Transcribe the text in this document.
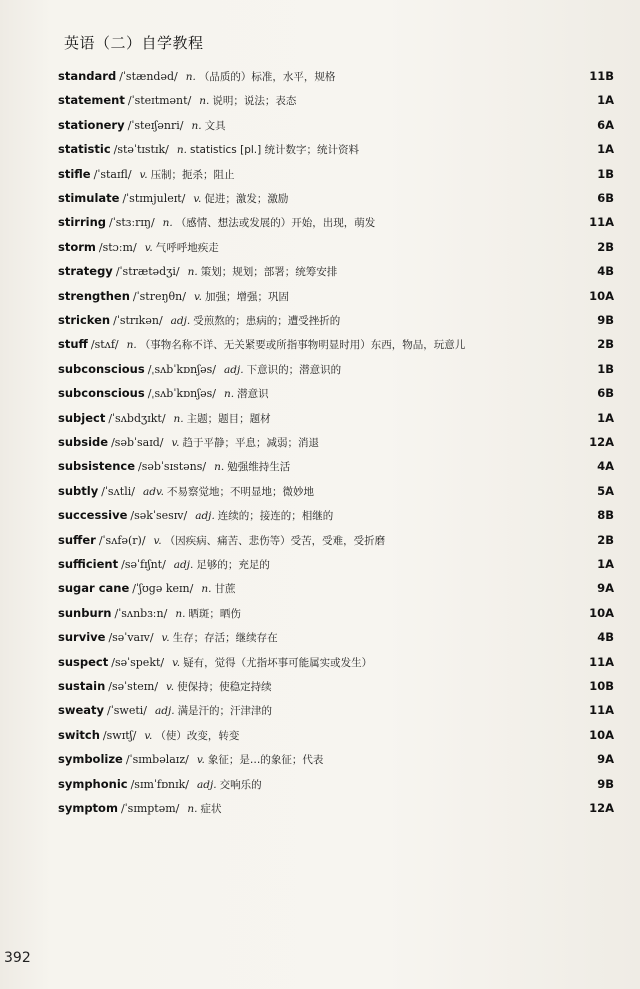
英语（二）自学教程
standard /ˈstændəd/ n. （品质的）标准，水平，规格	11B
statement /ˈsteɪtmənt/ n. 说明；说法；表态	1A
stationery /ˈsteɪʃənri/ n. 文具	6A
statistic /stəˈtɪstɪk/ n. statistics [pl.] 统计数字；统计资料	1A
stifle /ˈstaɪfl/ v. 压制；扼杀；阻止	1B
stimulate /ˈstɪmjuleɪt/ v. 促进；激发；激励	6B
stirring /ˈstɜːrɪŋ/ n. （感情、想法或发展的）开始，出现，萌发	11A
storm /stɔːm/ v. 气呼呼地疾走	2B
strategy /ˈstrætədʒi/ n. 策划；规划；部署；统筹安排	4B
strengthen /ˈstreŋθn/ v. 加强；增强；巩固	10A
stricken /ˈstrɪkən/ adj. 受煎熬的；患病的；遭受挫折的	9B
stuff /stʌf/ n. （事物名称不详、无关紧要或所指事物明显时用）东西，物品，玩意儿	2B
subconscious /ˌsʌbˈkɒnʃəs/ adj. 下意识的；潜意识的	1B
subconscious /ˌsʌbˈkɒnʃəs/ n. 潜意识	6B
subject /ˈsʌbdʒɪkt/ n. 主题；题目；题材	1A
subside /səbˈsaɪd/ v. 趋于平静；平息；减弱；消退	12A
subsistence /səbˈsɪstəns/ n. 勉强维持生活	4A
subtly /ˈsʌtli/ adv. 不易察觉地；不明显地；微妙地	5A
successive /səkˈsesɪv/ adj. 连续的；接连的；相继的	8B
suffer /ˈsʌfə(r)/ v. （因疾病、痛苦、悲伤等）受苦，受难，受折磨	2B
sufficient /səˈfɪʃnt/ adj. 足够的；充足的	1A
sugar cane /ˈʃʊgə keɪn/ n. 甘蔗	9A
sunburn /ˈsʌnbɜːn/ n. 晒斑；晒伤	10A
survive /səˈvaɪv/ v. 生存；存活；继续存在	4B
suspect /səˈspekt/ v. 疑有，觉得（尤指坏事可能属实或发生）	11A
sustain /səˈsteɪn/ v. 使保持；使稳定持续	10B
sweaty /ˈsweti/ adj. 满是汗的；汗津津的	11A
switch /swɪtʃ/ v. （使）改变，转变	10A
symbolize /ˈsɪmbəlaɪz/ v. 象征；是…的象征；代表	9A
symphonic /sɪmˈfɒnɪk/ adj. 交响乐的	9B
symptom /ˈsɪmptəm/ n. 症状	12A
392
